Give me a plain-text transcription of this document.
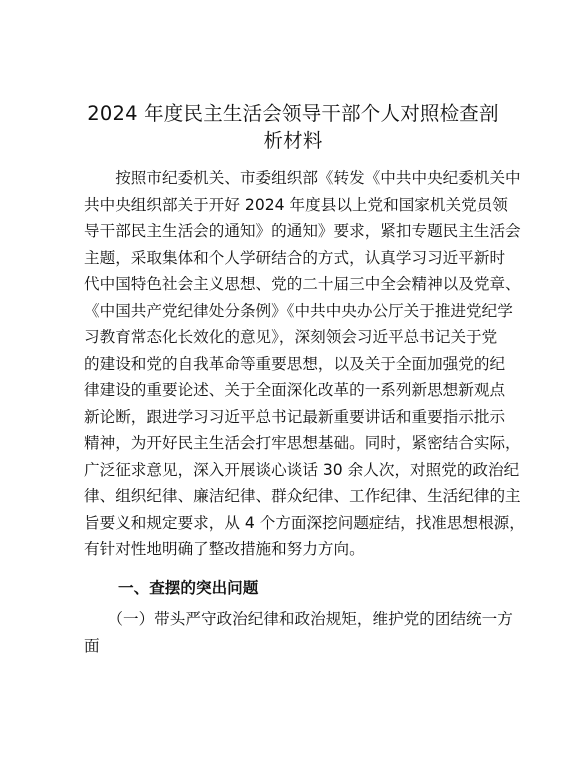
2024 年度民主生活会领导干部个人对照检查剖
析材料
　　按照市纪委机关、市委组织部《转发《中共中央纪委机关中
共中央组织部关于开好 2024 年度县以上党和国家机关党员领
导干部民主生活会的通知》的通知》要求，紧扣专题民主生活会
主题，采取集体和个人学研结合的方式，认真学习习近平新时
代中国特色社会主义思想、党的二十届三中全会精神以及党章、
《中国共产党纪律处分条例》《中共中央办公厅关于推进党纪学
习教育常态化长效化的意见》，深刻领会习近平总书记关于党
的建设和党的自我革命等重要思想，以及关于全面加强党的纪
律建设的重要论述、关于全面深化改革的一系列新思想新观点
新论断，跟进学习习近平总书记最新重要讲话和重要指示批示
精神，为开好民主生活会打牢思想基础。同时，紧密结合实际，
广泛征求意见，深入开展谈心谈话 30 余人次，对照党的政治纪
律、组织纪律、廉洁纪律、群众纪律、工作纪律、生活纪律的主
旨要义和规定要求，从 4 个方面深挖问题症结，找准思想根源，
有针对性地明确了整改措施和努力方向。
一、查摆的突出问题
　　（一）带头严守政治纪律和政治规矩，维护党的团结统一方
面
